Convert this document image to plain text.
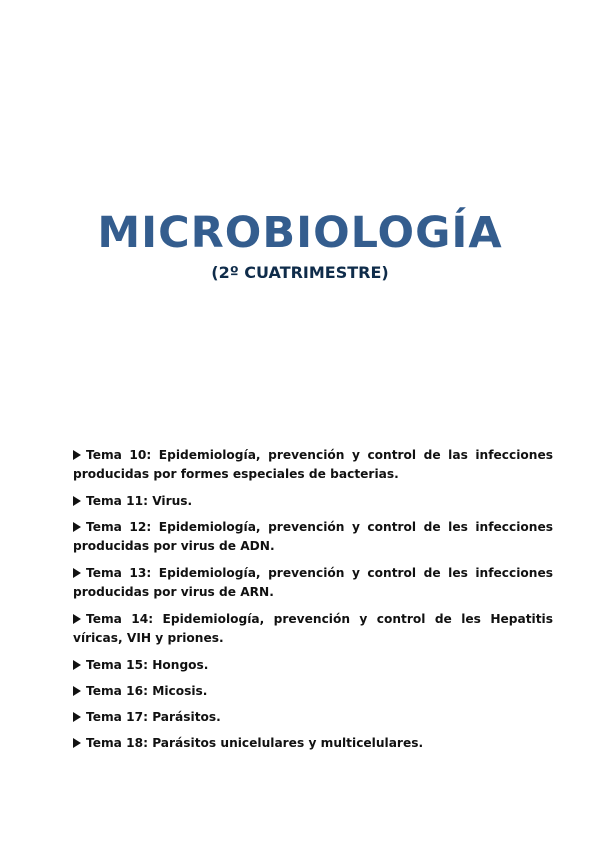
MICROBIOLOGÍA
(2º CUATRIMESTRE)
Tema 10: Epidemiología, prevención y control de las infecciones producidas por formes especiales de bacterias.
Tema 11: Virus.
Tema 12: Epidemiología, prevención y control de les infecciones producidas por virus de ADN.
Tema 13: Epidemiología, prevención y control de les infecciones producidas por virus de ARN.
Tema 14: Epidemiología, prevención y control de les Hepatitis víricas, VIH y priones.
Tema 15: Hongos.
Tema 16: Micosis.
Tema 17: Parásitos.
Tema 18: Parásitos unicelulares y multicelulares.
